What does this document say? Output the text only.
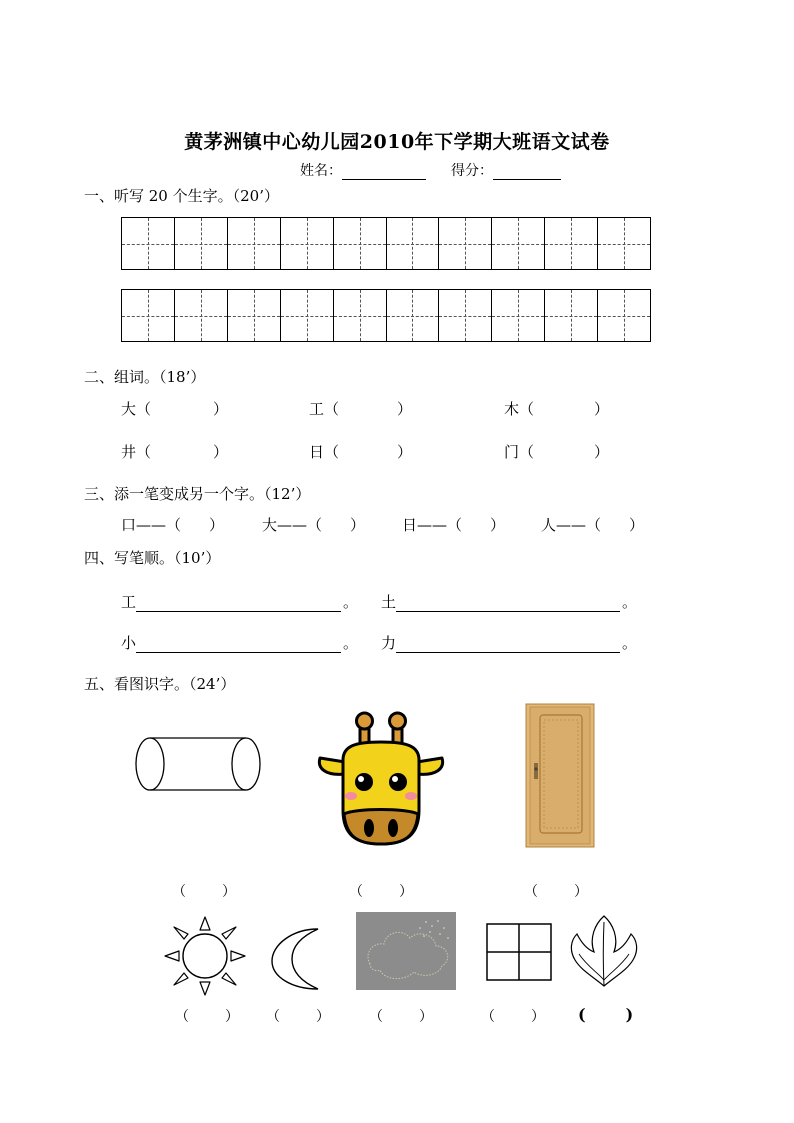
黄茅洲镇中心幼儿园2010年下学期大班语文试卷
姓名：	得分：
一、听写 20 个生字。（20’）
二、组词。（18’）
大（	）	工（	）	木（	）
井（	）	日（	）	门（	）
三、添一笔变成另一个字。（12’）
口——（ ）	大——（ ） 日——（ ） 人——（ ）
四、写笔顺。（10’）
工	。 土	。
小	。 力	。
五、看图识字。（24’）
（	）	（	）	（	）
（	） （	）	（	）	（	） (	)
